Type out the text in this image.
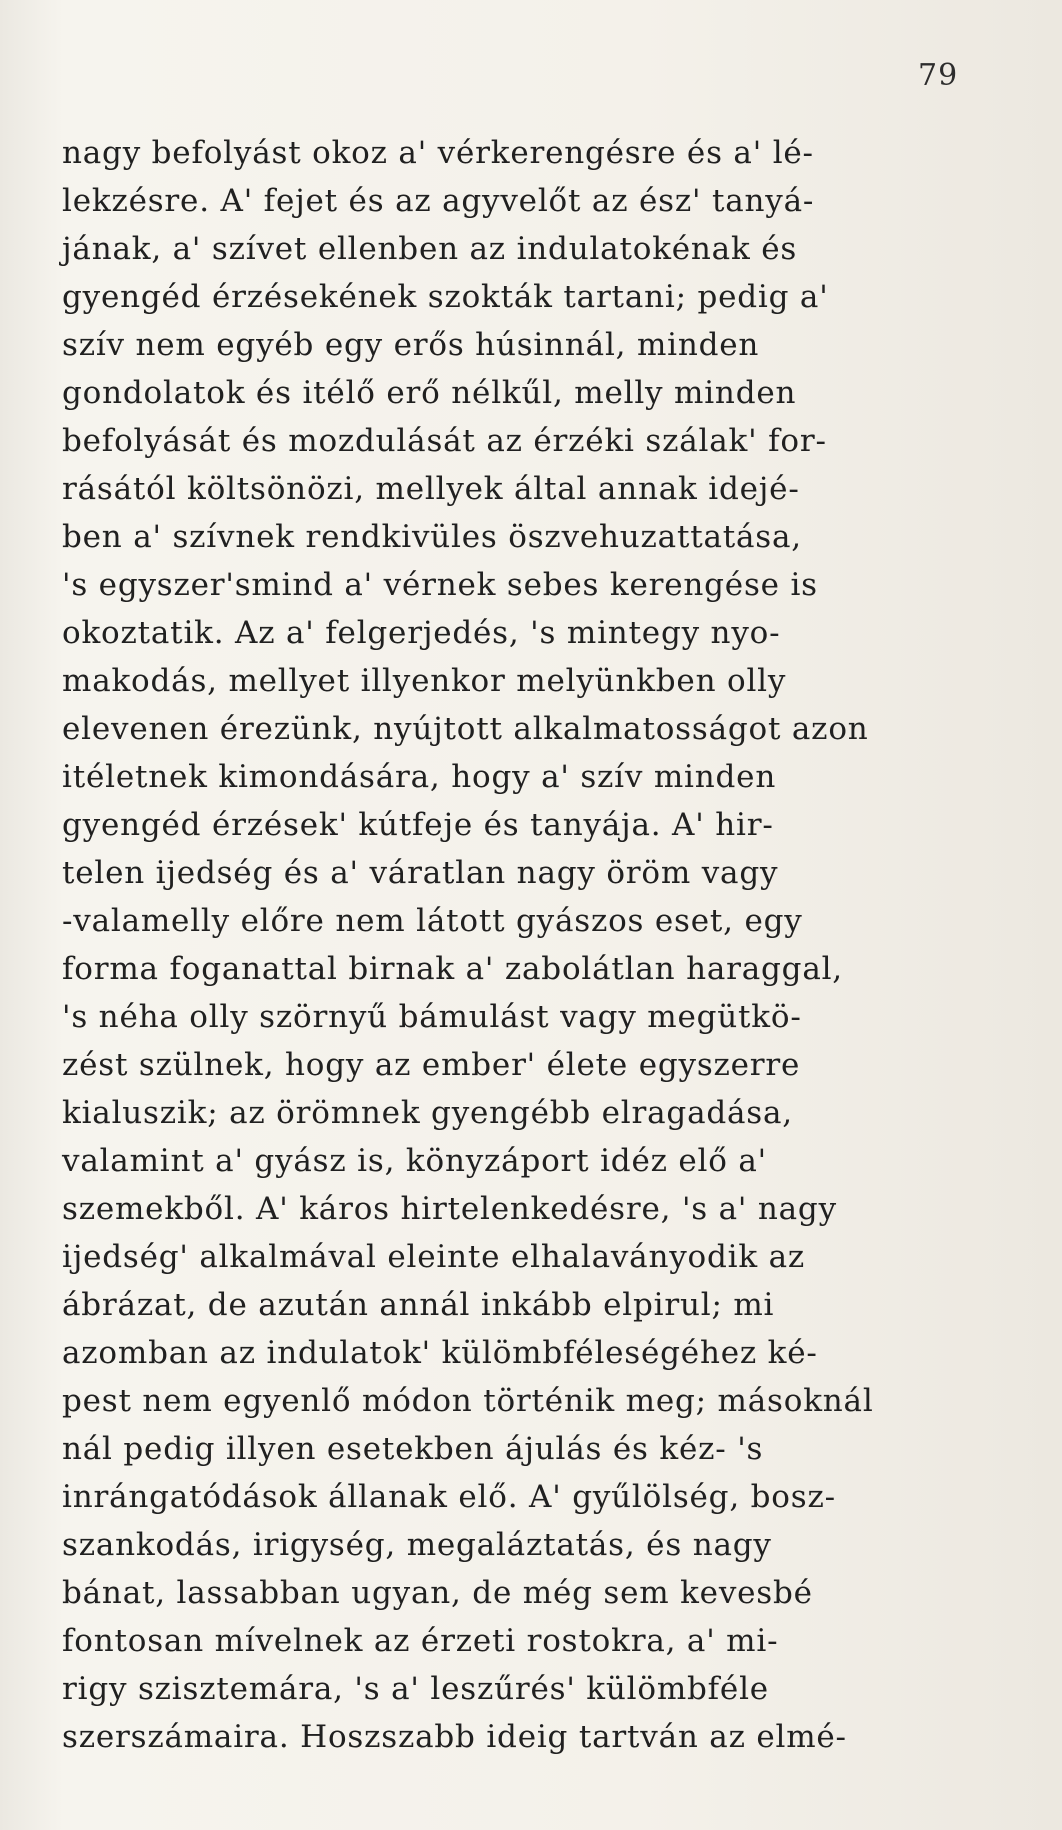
79
nagy befolyást okoz a' vérkerengésre és a' lé-
lekzésre. A' fejet és az agyvelőt az ész' tanyá-
jának, a' szívet ellenben az indulatokénak és
gyengéd érzésekének szokták tartani; pedig a'
szív nem egyéb egy erős húsinnál, minden
gondolatok és itélő erő nélkűl, melly minden
befolyását és mozdulását az érzéki szálak' for-
rásától költsönözi, mellyek által annak idejé-
ben a' szívnek rendkivüles öszvehuzattatása,
's egyszer'smind a' vérnek sebes kerengése is
okoztatik. Az a' felgerjedés, 's mintegy nyo-
makodás, mellyet illyenkor melyünkben olly
elevenen érezünk, nyújtott alkalmatosságot azon
itéletnek kimondására, hogy a' szív minden
gyengéd érzések' kútfeje és tanyája. A' hir-
telen ijedség és a' váratlan nagy öröm vagy
-valamelly előre nem látott gyászos eset, egy
forma foganattal birnak a' zabolátlan haraggal,
's néha olly szörnyű bámulást vagy megütkö-
zést szülnek, hogy az ember' élete egyszerre
kialuszik; az örömnek gyengébb elragadása,
valamint a' gyász is, könyzáport idéz elő a'
szemekből. A' káros hirtelenkedésre, 's a' nagy
ijedség' alkalmával eleinte elhalaványodik az
ábrázat, de azután annál inkább elpirul; mi
azomban az indulatok' külömbféleségéhez ké-
pest nem egyenlő módon történik meg; másoknál
nál pedig illyen esetekben ájulás és kéz- 's
inrángatódások állanak elő. A' gyűlölség, bosz-
szankodás, irigység, megaláztatás, és nagy
bánat, lassabban ugyan, de még sem kevesbé
fontosan mívelnek az érzeti rostokra, a' mi-
rigy szisztemára, 's a' leszűrés' külömbféle
szerszámaira. Hoszszabb ideig tartván az elmé-
